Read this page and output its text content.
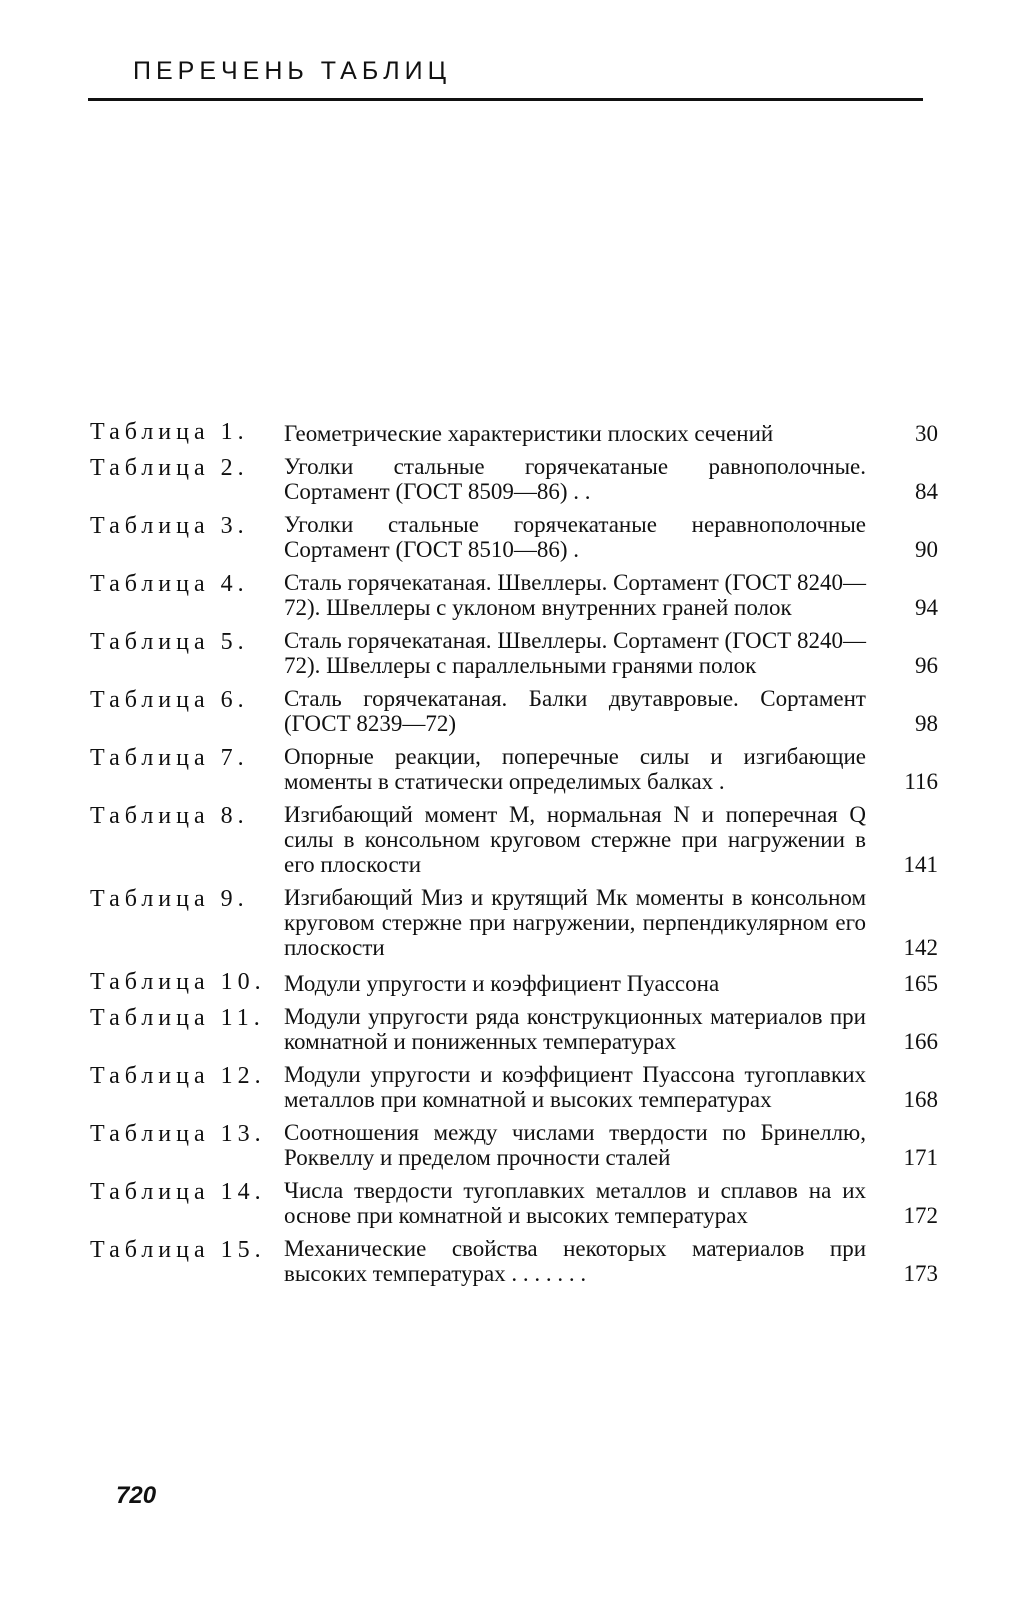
ПЕРЕЧЕНЬ ТАБЛИЦ
Таблица 1.	Геометрические характеристики плоских сечений	30
Таблица 2.	Уголки стальные горячекатаные равнополочные. Сортамент (ГОСТ 8509—86) . .	84
Таблица 3.	Уголки стальные горячекатаные неравнополочные Сортамент (ГОСТ 8510—86) .	90
Таблица 4.	Сталь горячекатаная. Швеллеры. Сортамент (ГОСТ 8240—72). Швеллеры с уклоном внутренних граней полок	94
Таблица 5.	Сталь горячекатаная. Швеллеры. Сортамент (ГОСТ 8240—72). Швеллеры с параллельными гранями полок	96
Таблица 6.	Сталь горячекатаная. Балки двутавровые. Сортамент (ГОСТ 8239—72)	98
Таблица 7.	Опорные реакции, поперечные силы и изгибающие моменты в статически определимых балках .	116
Таблица 8.	Изгибающий момент M, нормальная N и поперечная Q силы в консольном круговом стержне при нагружении в его плоскости	141
Таблица 9.	Изгибающий Mиз и крутящий Mк моменты в консольном круговом стержне при нагружении, перпендикулярном его плоскости	142
Таблица 10. Модули упругости и коэффициент Пуассона	165
Таблица 11. Модули упругости ряда конструкционных материалов при комнатной и пониженных температурах	166
Таблица 12. Модули упругости и коэффициент Пуассона тугоплавких металлов при комнатной и высоких температурах	168
Таблица 13. Соотношения между числами твердости по Бринеллю, Роквеллу и пределом прочности сталей	171
Таблица 14. Числа твердости тугоплавких металлов и сплавов на их основе при комнатной и высоких температурах	172
Таблица 15. Механические свойства некоторых материалов при высоких температурах . . . . . . .	173
720
